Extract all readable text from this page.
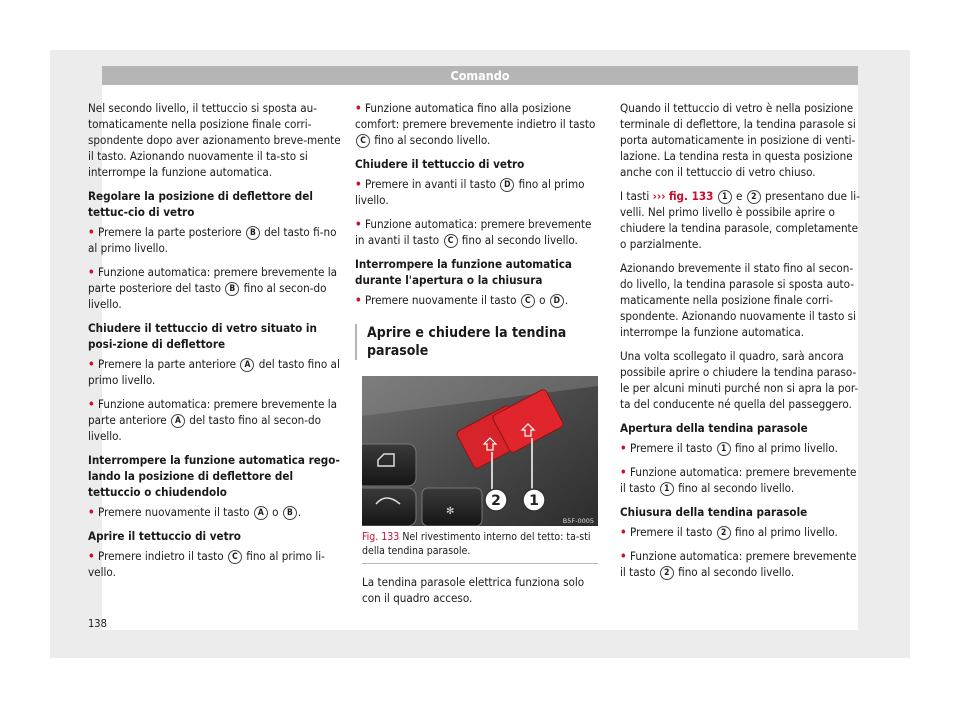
Comando

Nel secondo livello, il tettuccio si sposta au-tomaticamente nella posizione finale corri-spondente dopo aver azionamento breve-mente il tasto. Azionando nuovamente il ta-sto si interrompe la funzione automatica.

Regolare la posizione di deflettore del tettuc-cio di vetro

• Premere la parte posteriore B del tasto fi-no al primo livello.

• Funzione automatica: premere brevemente la parte posteriore del tasto B fino al secon-do livello.

Chiudere il tettuccio di vetro situato in posi-zione di deflettore

• Premere la parte anteriore A del tasto fino al primo livello.

• Funzione automatica: premere brevemente la parte anteriore A del tasto fino al secon-do livello.

Interrompere la funzione automatica rego-lando la posizione di deflettore del tettuccio o chiudendolo

• Premere nuovamente il tasto A o B .

Aprire il tettuccio di vetro

• Premere indietro il tasto C fino al primo li-vello.

• Funzione automatica fino alla posizione comfort: premere brevemente indietro il tasto C fino al secondo livello.

Chiudere il tettuccio di vetro

• Premere in avanti il tasto D fino al primo livello.

• Funzione automatica: premere brevemente in avanti il tasto C fino al secondo livello.

Interrompere la funzione automatica durante l'apertura o la chiusura

• Premere nuovamente il tasto C o D .

Aprire e chiudere la tendina parasole
✻
2 1
B5F-0005
Fig. 133 Nel rivestimento interno del tetto: ta-sti della tendina parasole.
La tendina parasole elettrica funziona solo con il quadro acceso.

Quando il tettuccio di vetro è nella posizione terminale di deflettore, la tendina parasole si porta automaticamente in posizione di venti-lazione. La tendina resta in questa posizione anche con il tettuccio di vetro chiuso.

I tasti ››› fig. 133 1 e 2 presentano due li-velli. Nel primo livello è possibile aprire o chiudere la tendina parasole, completamente o parzialmente.

Azionando brevemente il stato fino al secon-do livello, la tendina parasole si sposta auto-maticamente nella posizione finale corri-spondente. Azionando nuovamente il tasto si interrompe la funzione automatica.

Una volta scollegato il quadro, sarà ancora possibile aprire o chiudere la tendina paraso-le per alcuni minuti purché non si apra la por-ta del conducente né quella del passeggero.

Apertura della tendina parasole

• Premere il tasto 1 fino al primo livello.

• Funzione automatica: premere brevemente il tasto 1 fino al secondo livello.

Chiusura della tendina parasole

• Premere il tasto 2 fino al primo livello.

• Funzione automatica: premere brevemente il tasto 2 fino al secondo livello.

138
